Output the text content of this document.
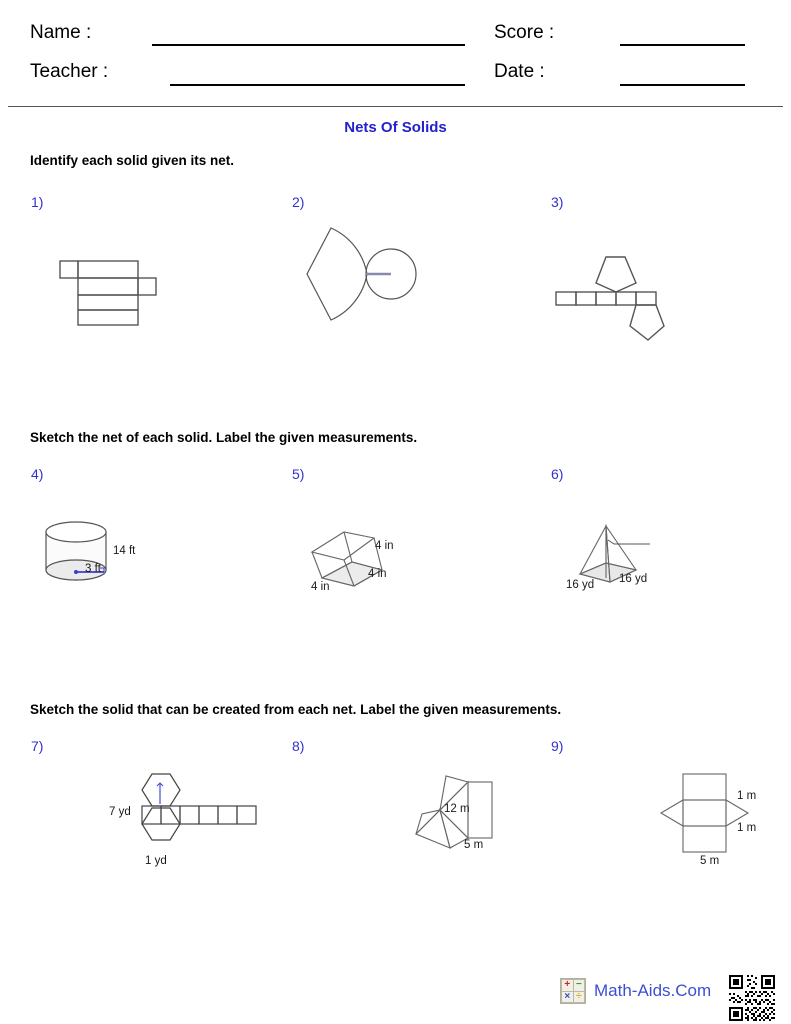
Name :
Teacher :
Score :
Date :
Nets Of Solids
Identify each solid given its net.
1)	2)	3)
Sketch the net of each solid. Label the given measurements.
4)	5)	6)
14 ft
3 ft
4 in
4 in
4 in	16 yd 16 yd
Sketch the solid that can be created from each net. Label the given measurements.
7)	8)	9)
7 yd
1 yd
12 m
5 m
1 m
1 m
5 m
+ −
× ÷ Math-Aids.Com
